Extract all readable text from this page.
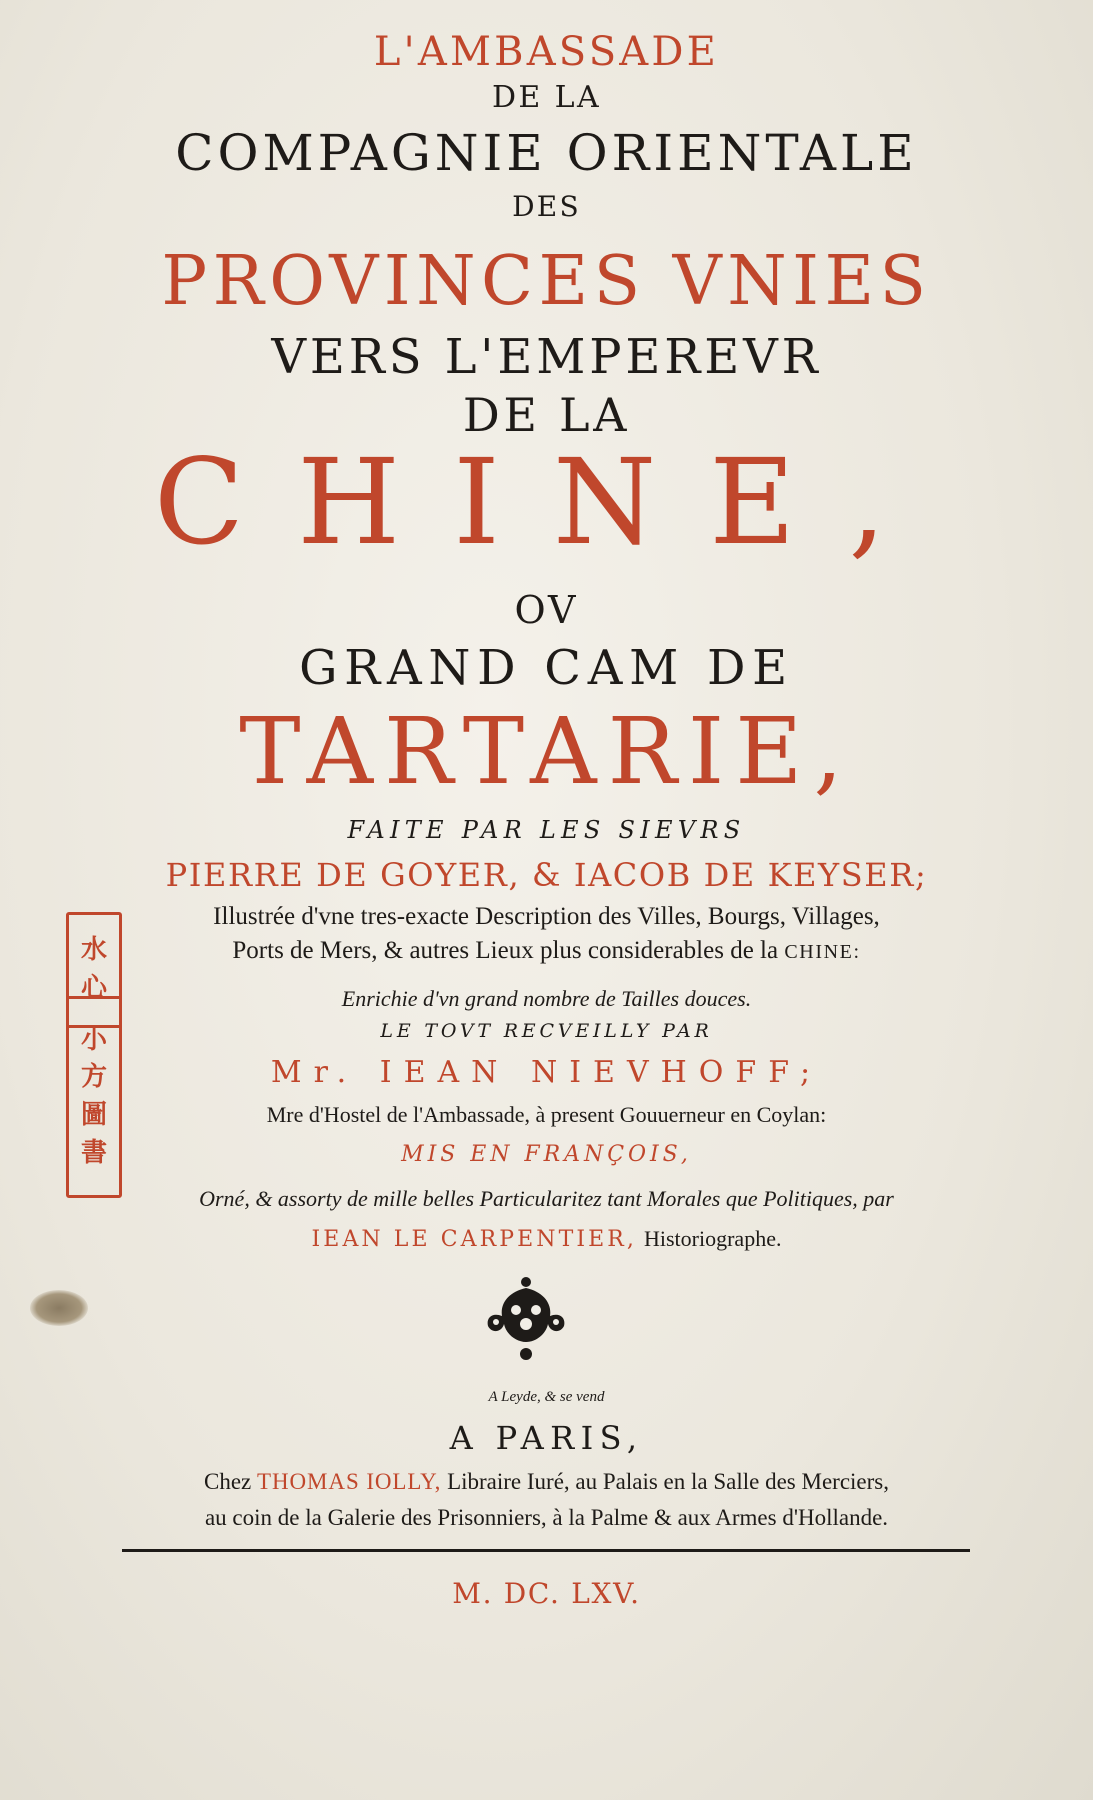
L'AMBASSADE
DE LA
COMPAGNIE ORIENTALE
DES
PROVINCES VNIES
VERS L'EMPEREVR
DE LA
CHINE,
OV
GRAND CAM DE
TARTARIE,
FAITE PAR LES SIEVRS
PIERRE DE GOYER, & IACOB DE KEYSER;
Illustrée d'vne tres-exacte Description des Villes, Bourgs, Villages,
Ports de Mers, & autres Lieux plus considerables de la CHINE:
Enrichie d'vn grand nombre de Tailles douces.
LE TOVT RECVEILLY PAR
Mr. IEAN NIEVHOFF;
Mre d'Hostel de l'Ambassade, à present Gouuerneur en Coylan:
MIS EN FRANÇOIS,
Orné, & assorty de mille belles Particularitez tant Morales que Politiques, par
IEAN LE CARPENTIER, Historiographe.
A Leyde, & se vend
A PARIS,
Chez THOMAS IOLLY, Libraire Iuré, au Palais en la Salle des Merciers,
au coin de la Galerie des Prisonniers, à la Palme & aux Armes d'Hollande.
M. DC. LXV.
水
心
小
方
圖
書
